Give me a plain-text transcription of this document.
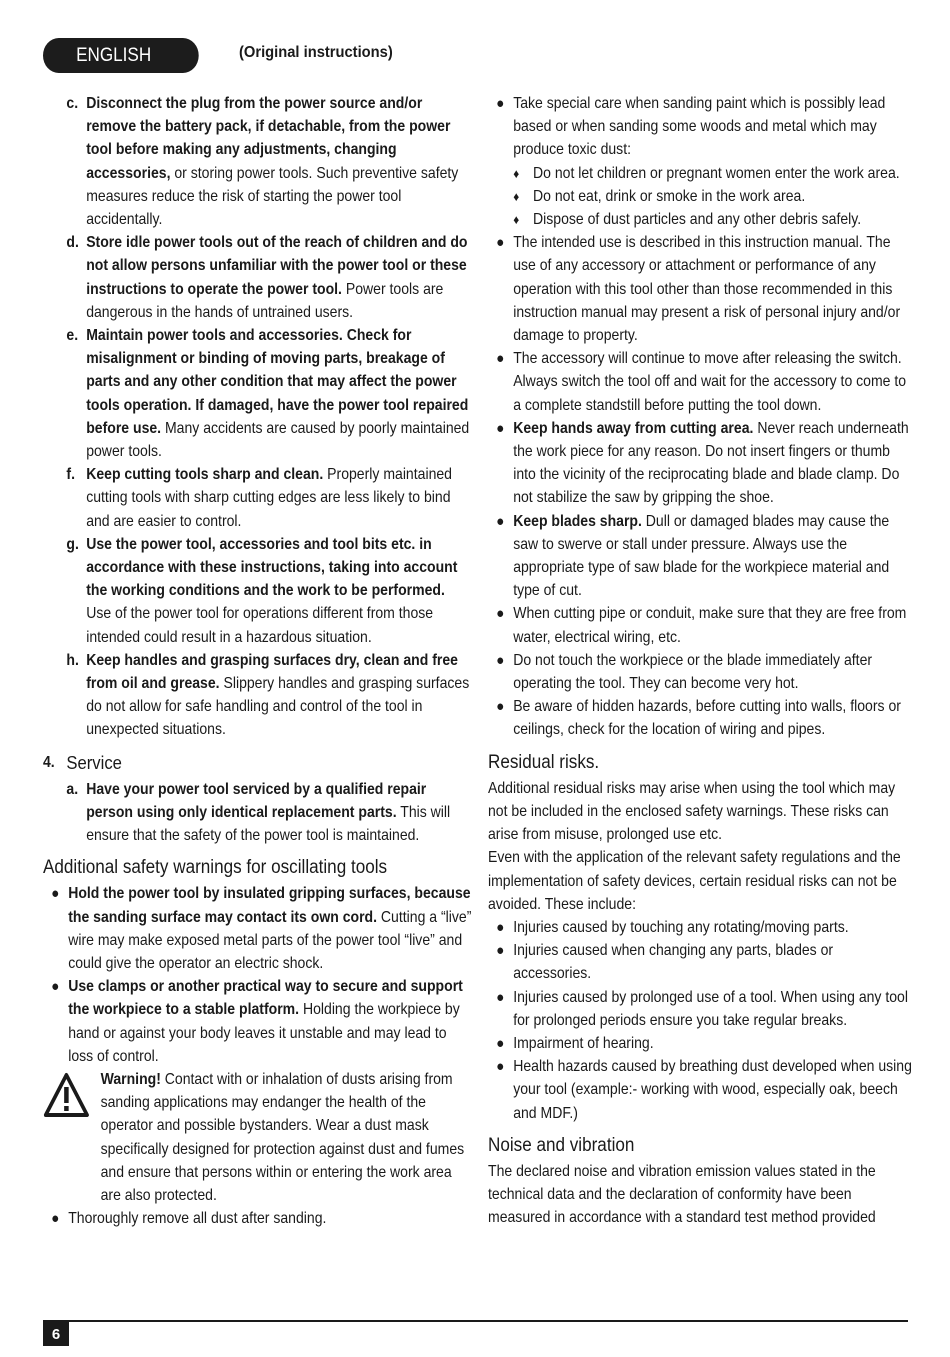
ENGLISH	(Original instructions)
c. Disconnect the plug from the power source and/or remove the battery pack, if detachable, from the power tool before making any adjustments, changing accessories, or storing power tools. Such preventive safety measures reduce the risk of starting the power tool accidentally.
d. Store idle power tools out of the reach of children and do not allow persons unfamiliar with the power tool or these instructions to operate the power tool. Power tools are dangerous in the hands of untrained users.
e. Maintain power tools and accessories. Check for misalignment or binding of moving parts, breakage of parts and any other condition that may affect the power tools operation. If damaged, have the power tool repaired before use. Many accidents are caused by poorly maintained power tools.
f. Keep cutting tools sharp and clean. Properly maintained cutting tools with sharp cutting edges are less likely to bind and are easier to control.
g. Use the power tool, accessories and tool bits etc. in accordance with these instructions, taking into account the working conditions and the work to be performed.
Use of the power tool for operations different from those intended could result in a hazardous situation.
h. Keep handles and grasping surfaces dry, clean and free from oil and grease. Slippery handles and grasping surfaces do not allow for safe handling and control of the tool in unexpected situations.
4. Service
a. Have your power tool serviced by a qualified repair person using only identical replacement parts. This will ensure that the safety of the power tool is maintained.
Additional safety warnings for oscillating tools
● Hold the power tool by insulated gripping surfaces, because the sanding surface may contact its own cord. Cutting a “live” wire may make exposed metal parts of the power tool “live” and could give the operator an electric shock.
● Use clamps or another practical way to secure and support the workpiece to a stable platform. Holding the workpiece by hand or against your body leaves it unstable and may lead to loss of control.
Warning! Contact with or inhalation of dusts arising from sanding applications may endanger the health of the operator and possible bystanders. Wear a dust mask specifically designed for protection against dust and fumes and ensure that persons within or entering the work area are also protected.
● Thoroughly remove all dust after sanding.
● Take special care when sanding paint which is possibly lead based or when sanding some woods and metal which may produce toxic dust:
♦ Do not let children or pregnant women enter the work area.
♦ Do not eat, drink or smoke in the work area.
♦ Dispose of dust particles and any other debris safely.
● The intended use is described in this instruction manual. The use of any accessory or attachment or performance of any operation with this tool other than those recommended in this instruction manual may present a risk of personal injury and/or damage to property.
● The accessory will continue to move after releasing the switch. Always switch the tool off and wait for the accessory to come to a complete standstill before putting the tool down.
● Keep hands away from cutting area. Never reach underneath the work piece for any reason. Do not insert fingers or thumb into the vicinity of the reciprocating blade and blade clamp. Do not stabilize the saw by gripping the shoe.
● Keep blades sharp. Dull or damaged blades may cause the saw to swerve or stall under pressure. Always use the appropriate type of saw blade for the workpiece material and type of cut.
● When cutting pipe or conduit, make sure that they are free from water, electrical wiring, etc.
● Do not touch the workpiece or the blade immediately after operating the tool. They can become very hot.
● Be aware of hidden hazards, before cutting into walls, floors or ceilings, check for the location of wiring and pipes.
Residual risks.
Additional residual risks may arise when using the tool which may not be included in the enclosed safety warnings. These risks can arise from misuse, prolonged use etc.
Even with the application of the relevant safety regulations and the implementation of safety devices, certain residual risks can not be avoided. These include:
● Injuries caused by touching any rotating/moving parts.
● Injuries caused when changing any parts, blades or accessories.
● Injuries caused by prolonged use of a tool. When using any tool for prolonged periods ensure you take regular breaks.
● Impairment of hearing.
● Health hazards caused by breathing dust developed when using your tool (example:- working with wood, especially oak, beech and MDF.)
Noise and vibration
The declared noise and vibration emission values stated in the technical data and the declaration of conformity have been measured in accordance with a standard test method provided
6
